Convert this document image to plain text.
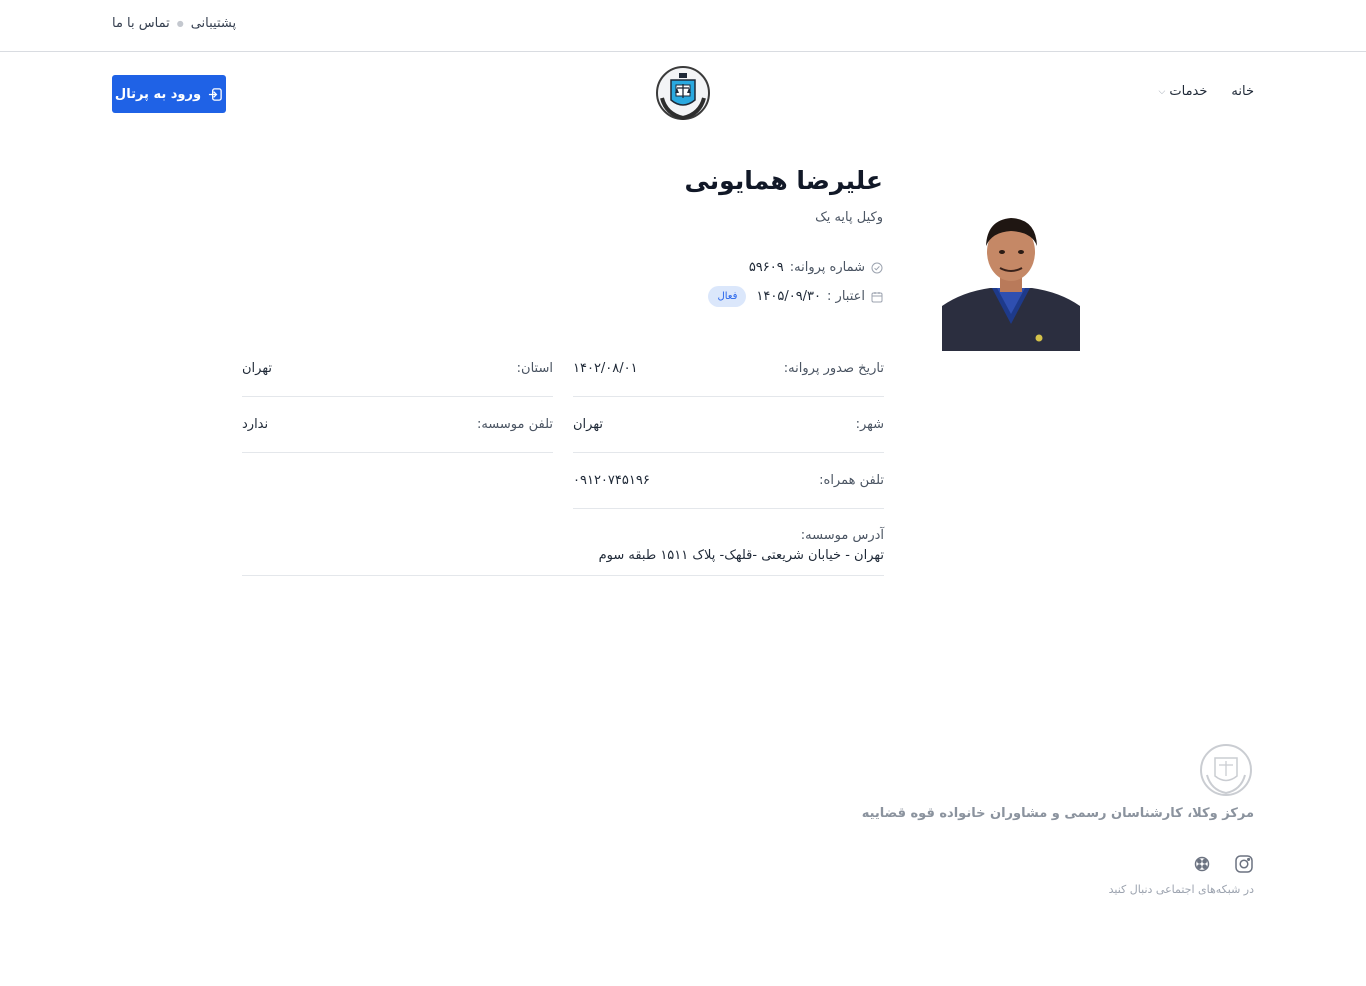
پشتیبانی
●
تماس با ما
ورود به پرتال	خانه
خدمات
⌵
علیرضا همایونی
وکیل پایه یک
شماره پروانه:
۵۹۶۰۹
اعتبار :
۱۴۰۵/۰۹/۳۰
فعال
تاریخ صدور پروانه:
۱۴۰۲/۰۸/۰۱
استان:
تهران
شهر:
تهران
تلفن موسسه:
ندارد
تلفن همراه:
۰۹۱۲۰۷۴۵۱۹۶
آدرس موسسه:
تهران - خیابان شریعتی -قلهک- پلاک ۱۵۱۱ طبقه سوم
مرکز وکلا، کارشناسان رسمی و مشاوران خانواده قوه قضاییه
در شبکه‌های اجتماعی دنبال کنید
